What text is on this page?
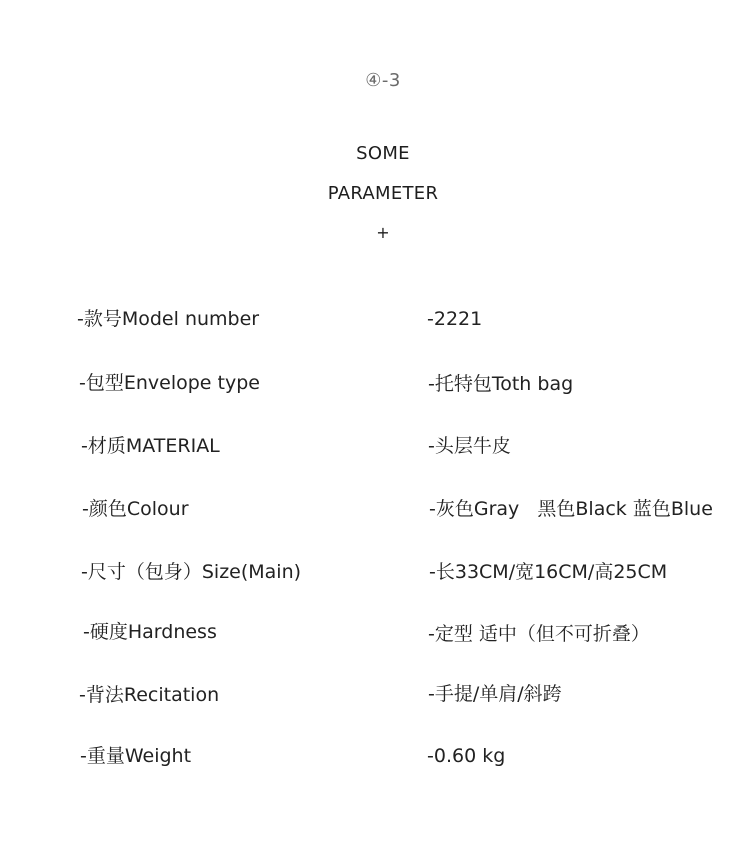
④-3
SOME
PARAMETER
+
-款号Model number	-2221
-包型Envelope type	-托特包Toth bag
-材质MATERIAL	-头层牛皮
-颜色Colour	-灰色Gray   黑色Black 蓝色Blue
-尺寸（包身）Size(Main)	-长33CM/宽16CM/高25CM
-硬度Hardness	-定型 适中（但不可折叠）
-背法Recitation	-手提/单肩/斜跨
-重量Weight	-0.60 kg
